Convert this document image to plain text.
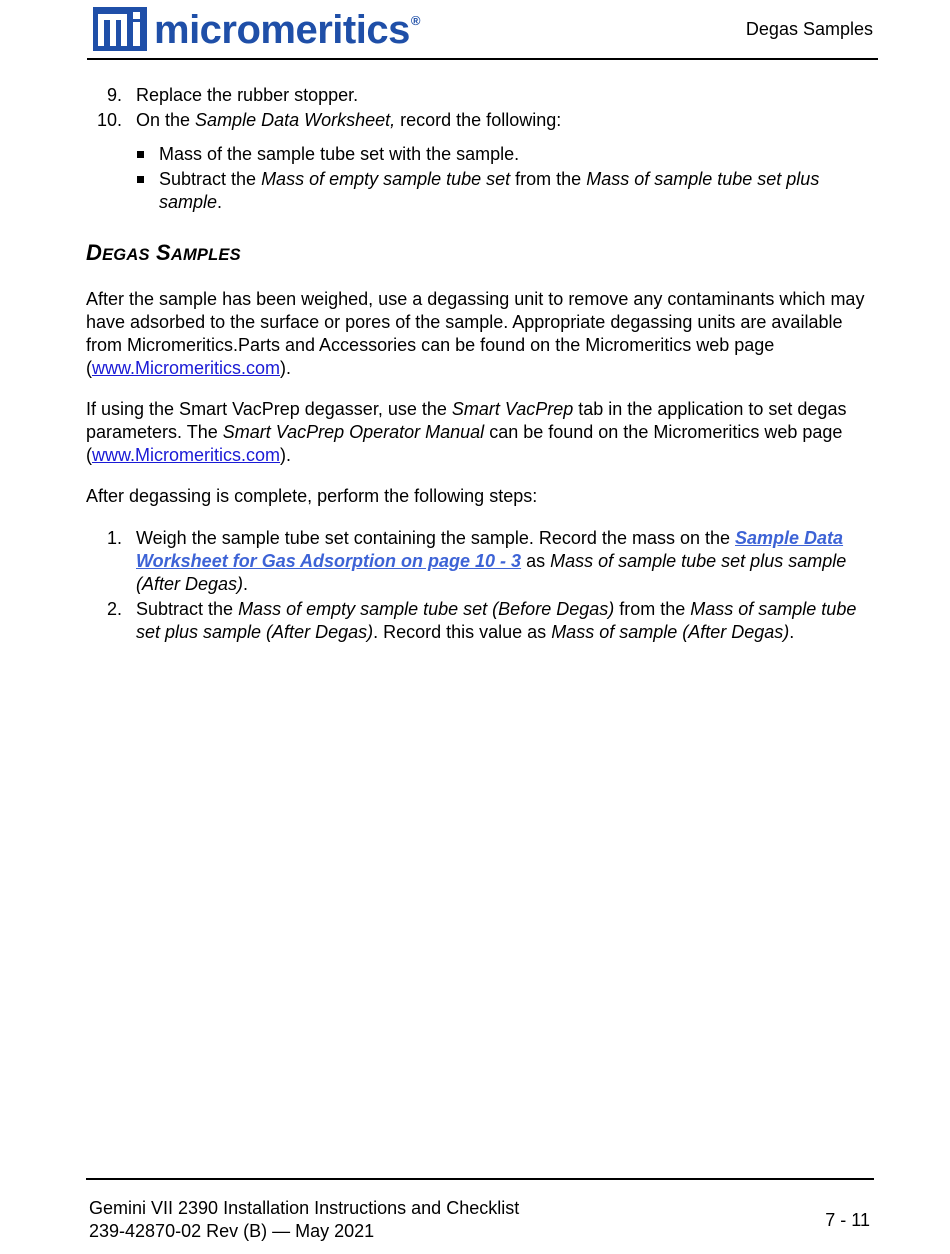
micromeritics®	Degas Samples
9. Replace the rubber stopper.
10. On the Sample Data Worksheet, record the following:
Mass of the sample tube set with the sample.
Subtract the Mass of empty sample tube set from the Mass of sample tube set plus
sample.
DEGAS SAMPLES
After the sample has been weighed, use a degassing unit to remove any contaminants which may
have adsorbed to the surface or pores of the sample. Appropriate degassing units are available
from Micromeritics.Parts and Accessories can be found on the Micromeritics web page
(www.Micromeritics.com).
If using the Smart VacPrep degasser, use the Smart VacPrep tab in the application to set degas
parameters. The Smart VacPrep Operator Manual can be found on the Micromeritics web page
(www.Micromeritics.com).
After degassing is complete, perform the following steps:
1. Weigh the sample tube set containing the sample. Record the mass on the Sample Data
Worksheet for Gas Adsorption on page 10 - 3 as Mass of sample tube set plus sample
(After Degas).
2. Subtract the Mass of empty sample tube set (Before Degas) from the Mass of sample tube
set plus sample (After Degas). Record this value as Mass of sample (After Degas).
Gemini VII 2390 Installation Instructions and Checklist
239-42870-02 Rev (B) — May 2021
7 - 11
